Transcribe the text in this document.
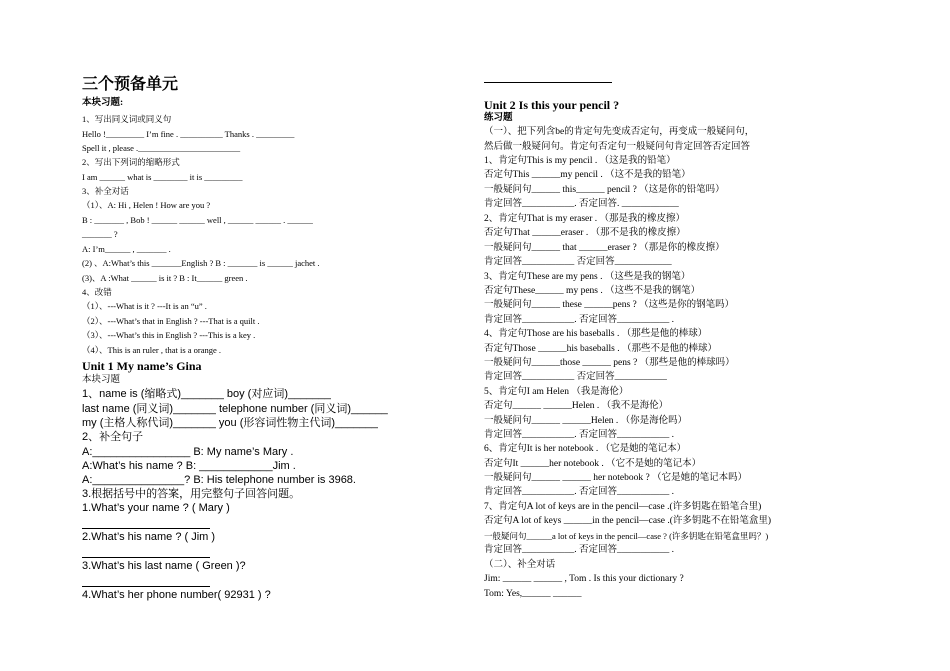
三个预备单元
本块习题:
1、写出同义词或同义句
Hello !_________ I’m fine . __________ Thanks . _________
Spell it , please .________________________
2、写出下列词的缩略形式
I am ______ what is ________ it is _________
3、补全对话
（1）、A: Hi , Helen ! How are you ?
B : _______ , Bob ! ______ ______ well , ______ ______ . ______
_______ ?
A: I’m______ , _______ .
(2) 、A:What’s this _______English ? B : _______ is ______ jachet .
(3)、A :What ______ is it ? B : It______ green .
4、改错
（1）、---What is it ? ---It is an “u” .
（2）、---What’s that in English ? ---That is a quilt .
（3）、---What’s this in English ? ---This is a key .
（4）、This is an ruler , that is a orange .
Unit 1 My name’s Gina
本块习题
1、name is (缩略式)_______ boy (对应词)_______
last name (同义词)_______ telephone number (同义词)______
my (主格人称代词)_______ you (形容词性物主代词)_______
2、补全句子
A:________________ B: My name’s Mary .
A:What’s his name ? B: ____________Jim .
A:_______________? B: His telephone number is 3968.
3.根据括号中的答案，用完整句子回答问题。
1.What’s your name ? ( Mary )
2.What’s his name ? ( Jim )
3.What’s his last name ( Green )?
4.What’s her phone number( 92931 ) ?
Unit 2 Is this your pencil ?
练习题
（一）、把下列含be的肯定句先变成否定句，再变成一般疑问句，
然后做一般疑问句。肯定句否定句一般疑问句肯定回答否定回答
1、肯定句This is my pencil . （这是我的铅笔）
否定句This ______my pencil . （这不是我的铅笔）
一般疑问句______ this______ pencil ? （这是你的铅笔吗）
肯定回答___________. 否定回答. ____________
2、肯定句That is my eraser . （那是我的橡皮擦）
否定句That ______eraser . （那不是我的橡皮擦）
一般疑问句______ that ______eraser ? （那是你的橡皮擦）
肯定回答___________ 否定回答____________
3、肯定句These are my pens . （这些是我的钢笔）
否定句These______ my pens . （这些不是我的钢笔）
一般疑问句______ these ______pens ? （这些是你的钢笔吗）
肯定回答___________. 否定回答___________ .
4、肯定句Those are his baseballs . （那些是他的棒球）
否定句Those ______his baseballs . （那些不是他的棒球）
一般疑问句______those ______ pens ? （那些是他的棒球吗）
肯定回答___________ 否定回答___________
5、肯定句I am Helen （我是海伦）
否定句______ ______Helen . （我不是海伦）
一般疑问句______ ______Helen . （你是海伦吗）
肯定回答___________. 否定回答___________ .
6、肯定句It is her notebook . （它是她的笔记本）
否定句It ______her notebook . （它不是她的笔记本）
一般疑问句______ ______ her notebook ? （它是她的笔记本吗）
肯定回答___________. 否定回答___________ .
7、肯定句A lot of keys are in the pencil—case .(许多钥匙在铅笔合里)
否定句A lot of keys ______in the pencil—case .(许多钥匙不在铅笔盒里)
一般疑问句______a lot of keys in the pencil—case ? (许多钥匙在铅笔盒里吗？)
肯定回答___________. 否定回答___________ .
（二）、补全对话
Jim: ______ ______ , Tom . Is this your dictionary ?
Tom: Yes,______ ______
